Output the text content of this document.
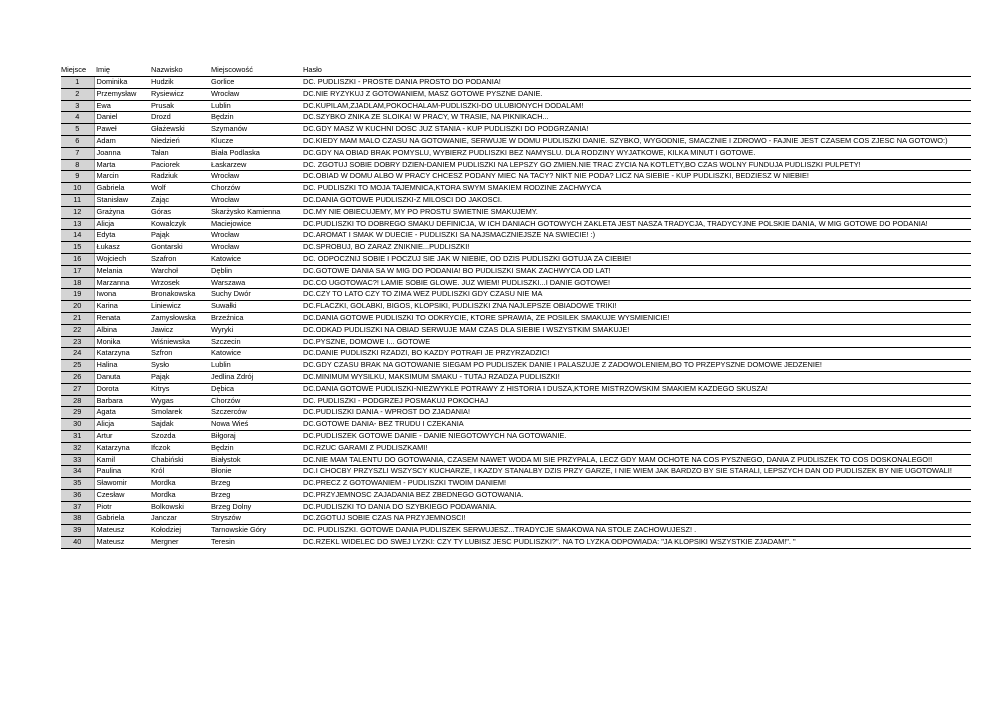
Miejsce	Imię	Nazwisko	Miejscowość	Hasło
1	Dominika	Hudzik	Gorlice	DC. PUDLISZKI - PROSTE DANIA PROSTO DO PODANIA!
2	Przemysław	Rysiewicz	Wrocław	DC.NIE RYZYKUJ Z GOTOWANIEM, MASZ GOTOWE PYSZNE DANIE.
3	Ewa	Prusak	Lublin	DC.KUPILAM,ZJADLAM,POKOCHALAM-PUDLISZKI-DO ULUBIONYCH DODALAM!
4	Daniel	Drozd	Będzin	DC.SZYBKO ZNIKA ZE SLOIKA! W PRACY, W TRASIE, NA PIKNIKACH...
5	Paweł	Głażewski	Szymanów	DC.GDY MASZ W KUCHNI DOSC JUZ STANIA - KUP PUDLISZKI DO PODGRZANIA!
6	Adam	Niedzień	Klucze	DC.KIEDY MAM MALO CZASU NA GOTOWANIE, SERWUJE W DOMU PUDLISZKI DANIE. SZYBKO, WYGODNIE, SMACZNIE I ZDROWO - FAJNIE JEST CZASEM COS ZJESC NA GOTOWO:)
7	Joanna	Tałan	Biała Podlaska	DC.GDY NA OBIAD BRAK POMYSLU, WYBIERZ PUDLISZKI BEZ NAMYSLU. DLA RODZINY WYJATKOWE, KILKA MINUT I GOTOWE.
8	Marta	Paciorek	Łaskarzew	DC. ZGOTUJ SOBIE DOBRY DZIEN-DANIEM PUDLISZKI NA LEPSZY GO ZMIEN.NIE TRAC ZYCIA NA KOTLETY,BO CZAS WOLNY FUNDUJA PUDLISZKI PULPETY!
9	Marcin	Radziuk	Wrocław	DC.OBIAD W DOMU ALBO W PRACY CHCESZ PODANY MIEC NA TACY? NIKT NIE PODA? LICZ NA SIEBIE - KUP PUDLISZKI, BEDZIESZ W NIEBIE!
10	Gabriela	Wolf	Chorzów	DC. PUDLISZKI TO MOJA TAJEMNICA,KTORA SWYM SMAKIEM RODZINE ZACHWYCA
11	Stanisław	Zając	Wrocław	DC.DANIA GOTOWE PUDLISZKI-Z MILOSCI DO JAKOSCI.
12	Grażyna	Góras	Skarżysko Kamienna	DC.MY NIE OBIECUJEMY, MY PO PROSTU SWIETNIE SMAKUJEMY.
13	Alicja	Kowalczyk	Maciejowice	DC.PUDLISZKI TO DOBREGO SMAKU DEFINICJA, W ICH DANIACH GOTOWYCH ZAKLETA JEST NASZA TRADYCJA, TRADYCYJNE POLSKIE DANIA, W MIG GOTOWE DO PODANIA!
14	Edyta	Pająk	Wrocław	DC.AROMAT I SMAK W DUECIE - PUDLISZKI SA NAJSMACZNIEJSZE NA SWIECIE! :)
15	Łukasz	Gontarski	Wrocław	DC.SPROBUJ, BO ZARAZ ZNIKNIE...PUDLISZKI!
16	Wojciech	Szafron	Katowice	DC. ODPOCZNIJ SOBIE I POCZUJ SIE JAK W NIEBIE, OD DZIS PUDLISZKI GOTUJA ZA CIEBIE!
17	Melania	Warchoł	Dęblin	DC.GOTOWE DANIA SA W MIG DO PODANIA! BO PUDLISZKI SMAK ZACHWYCA OD LAT!
18	Marzanna	Wrzosek	Warszawa	DC.CO UGOTOWAC?! LAMIE SOBIE GLOWE. JUZ WIEM! PUDLISZKI...I DANIE GOTOWE!
19	Iwona	Bronakowska	Suchy Dwór	DC.CZY TO LATO CZY TO ZIMA WEZ PUDLISZKI GDY CZASU NIE MA
20	Karina	Liniewicz	Suwałki	DC.FLACZKI, GOLABKI, BIGOS, KLOPSIKI, PUDLISZKI ZNA NAJLEPSZE OBIADOWE TRIKI!
21	Renata	Zamysłowska	Brzeźnica	DC.DANIA GOTOWE PUDLISZKI TO ODKRYCIE, KTORE SPRAWIA, ZE POSILEK SMAKUJE WYSMIENICIE!
22	Albina	Jawicz	Wyryki	DC.ODKAD PUDLISZKI NA OBIAD SERWUJE MAM CZAS DLA SIEBIE I WSZYSTKIM SMAKUJE!
23	Monika	Wiśniewska	Szczecin	DC.PYSZNE, DOMOWE I... GOTOWE
24	Katarzyna	Szfron	Katowice	DC.DANIE PUDLISZKI RZADZI, BO KAZDY POTRAFI JE PRZYRZADZIC!
25	Halina	Sysło	Lublin	DC.GDY CZASU BRAK NA GOTOWANIE SIEGAM PO PUDLISZEK DANIE I PALASZUJE Z ZADOWOLENIEM,BO TO PRZEPYSZNE DOMOWE JEDZENIE!
26	Danuta	Pająk	Jedlina Zdrój	DC.MINIMUM WYSILKU, MAKSIMUM SMAKU - TUTAJ RZADZA PUDLISZKI!
27	Dorota	Kitrys	Dębica	DC.DANIA GOTOWE PUDLISZKI-NIEZWYKLE POTRAWY Z HISTORIA I DUSZA,KTORE MISTRZOWSKIM SMAKIEM KAZDEGO SKUSZA!
28	Barbara	Wygas	Chorzów	DC. PUDLISZKI - PODGRZEJ POSMAKUJ POKOCHAJ
29	Agata	Smolarek	Szczerców	DC.PUDLISZKI DANIA - WPROST DO ZJADANIA!
30	Alicja	Sajdak	Nowa Wieś	DC.GOTOWE DANIA- BEZ TRUDU I CZEKANIA
31	Artur	Szozda	Biłgoraj	DC.PUDLISZEK GOTOWE DANIE - DANIE NIEGOTOWYCH NA GOTOWANIE.
32	Katarzyna	Ifczok	Będzin	DC.RZUC GARAMI Z PUDLISZKAMI!
33	Kamil	Chabiński	Białystok	DC.NIE MAM TALENTU DO GOTOWANIA, CZASEM NAWET WODA MI SIE PRZYPALA, LECZ GDY MAM OCHOTE NA COS PYSZNEGO, DANIA Z PUDLISZEK TO COS DOSKONALEGO!!
34	Paulina	Król	Błonie	DC.I CHOCBY PRZYSZLI WSZYSCY KUCHARZE, I KAZDY STANALBY DZIS PRZY GARZE, I NIE WIEM JAK BARDZO BY SIE STARALI, LEPSZYCH DAN OD PUDLISZEK BY NIE UGOTOWALI!
35	Sławomir	Mordka	Brzeg	DC.PRECZ Z GOTOWANIEM - PUDLISZKI TWOIM DANIEM!
36	Czesław	Mordka	Brzeg	DC.PRZYJEMNOSC ZAJADANIA BEZ ZBEDNEGO GOTOWANIA.
37	Piotr	Bolkowski	Brzeg Dolny	DC.PUDLISZKI TO DANIA DO SZYBKIEGO PODAWANIA.
38	Gabriela	Janczar	Stryszów	DC.ZGOTUJ SOBIE CZAS NA PRZYJEMNOSCI!
39	Mateusz	Kołodziej	Tarnowskie Góry	DC. PUDLISZKI. GOTOWE DANIA PUDLISZEK SERWUJESZ...TRADYCJE SMAKOWA NA STOLE ZACHOWUJESZ! .
40	Mateusz	Mergner	Teresin	DC.RZEKL WIDELEC DO SWEJ LYZKI: CZY TY LUBISZ JESC PUDLISZKI?". NA TO LYZKA ODPOWIADA: "JA KLOPSIKI WSZYSTKIE ZJADAM!". "
